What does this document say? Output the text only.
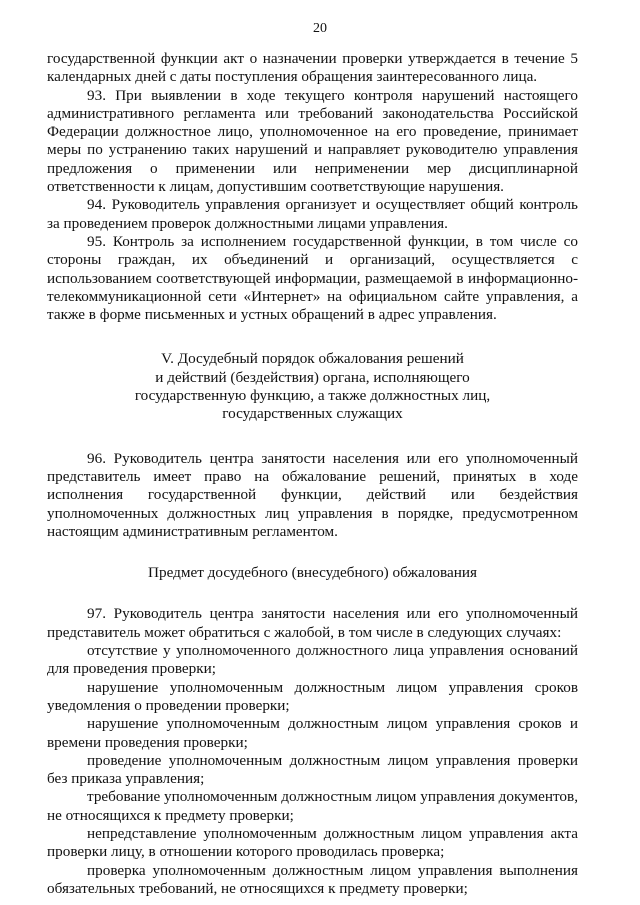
20

государственной функции акт о назначении проверки утверждается в течение 5 календарных дней с даты поступления обращения заинтересованного лица.

93. При выявлении в ходе текущего контроля нарушений настоящего административного регламента или требований законодательства Российской Федерации должностное лицо, уполномоченное на его проведение, принимает меры по устранению таких нарушений и направляет руководителю управления предложения о применении или неприменении мер дисциплинарной ответственности к лицам, допустившим соответствующие нарушения.

94. Руководитель управления организует и осуществляет общий контроль за проведением проверок должностными лицами управления.

95. Контроль за исполнением государственной функции, в том числе со стороны граждан, их объединений и организаций, осуществляется с использованием соответствующей информации, размещаемой в информационно-телекоммуникационной сети «Интернет» на официальном сайте управления, а также в форме письменных и устных обращений в адрес управления.

V. Досудебный порядок обжалования решений
и действий (бездействия) органа, исполняющего
государственную функцию, а также должностных лиц,
государственных служащих

96. Руководитель центра занятости населения или его уполномоченный представитель имеет право на обжалование решений, принятых в ходе исполнения государственной функции, действий или бездействия уполномоченных должностных лиц управления в порядке, предусмотренном настоящим административным регламентом.

Предмет досудебного (внесудебного) обжалования

97. Руководитель центра занятости населения или его уполномоченный представитель может обратиться с жалобой, в том числе в следующих случаях:

отсутствие у уполномоченного должностного лица управления оснований для проведения проверки;

нарушение уполномоченным должностным лицом управления сроков уведомления о проведении проверки;

нарушение уполномоченным должностным лицом управления сроков и времени проведения проверки;

проведение уполномоченным должностным лицом управления проверки без приказа управления;

требование уполномоченным должностным лицом управления документов, не относящихся к предмету проверки;

непредставление уполномоченным должностным лицом управления акта проверки лицу, в отношении которого проводилась проверка;

проверка уполномоченным должностным лицом управления выполнения обязательных требований, не относящихся к предмету проверки;
